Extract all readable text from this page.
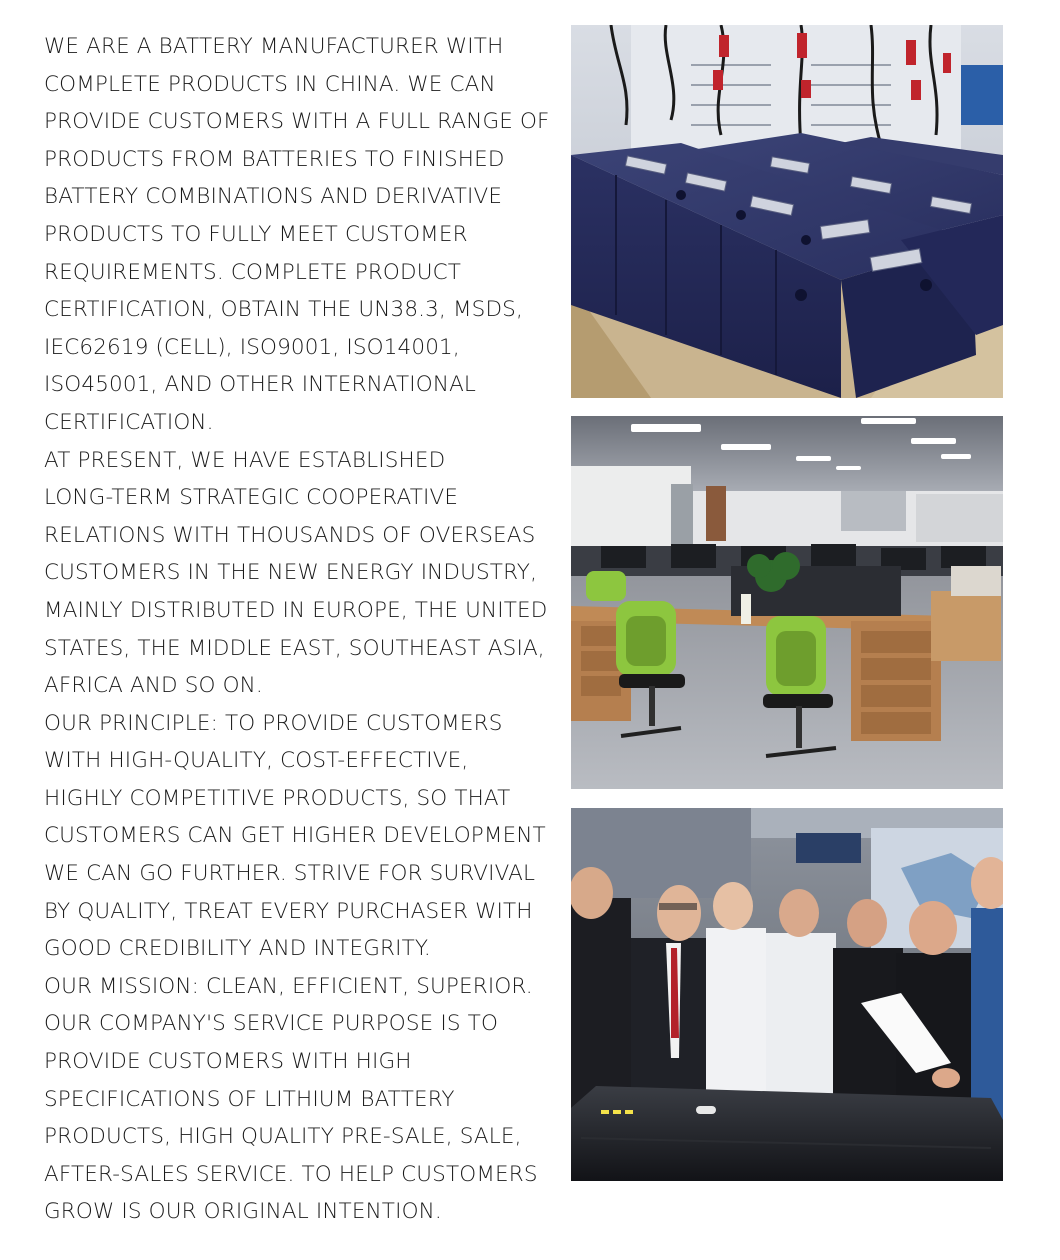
WE ARE A BATTERY MANUFACTURER WITH
COMPLETE PRODUCTS IN CHINA. WE CAN
PROVIDE CUSTOMERS WITH A FULL RANGE OF
PRODUCTS FROM BATTERIES TO FINISHED
BATTERY COMBINATIONS AND DERIVATIVE
PRODUCTS TO FULLY MEET CUSTOMER
REQUIREMENTS. COMPLETE PRODUCT
CERTIFICATION, OBTAIN THE UN38.3, MSDS,
IEC62619 (CELL), ISO9001, ISO14001,
ISO45001, AND OTHER INTERNATIONAL
CERTIFICATION.
AT PRESENT, WE HAVE ESTABLISHED
LONG-TERM STRATEGIC COOPERATIVE
RELATIONS WITH THOUSANDS OF OVERSEAS
CUSTOMERS IN THE NEW ENERGY INDUSTRY,
MAINLY DISTRIBUTED IN EUROPE, THE UNITED
STATES, THE MIDDLE EAST, SOUTHEAST ASIA,
AFRICA AND SO ON.
OUR PRINCIPLE: TO PROVIDE CUSTOMERS
WITH HIGH-QUALITY, COST-EFFECTIVE,
HIGHLY COMPETITIVE PRODUCTS, SO THAT
CUSTOMERS CAN GET HIGHER DEVELOPMENT
WE CAN GO FURTHER. STRIVE FOR SURVIVAL
BY QUALITY, TREAT EVERY PURCHASER WITH
GOOD CREDIBILITY AND INTEGRITY.
OUR MISSION: CLEAN, EFFICIENT, SUPERIOR.
OUR COMPANY'S SERVICE PURPOSE IS TO
PROVIDE CUSTOMERS WITH HIGH
SPECIFICATIONS OF LITHIUM BATTERY
PRODUCTS, HIGH QUALITY PRE-SALE, SALE,
AFTER-SALES SERVICE. TO HELP CUSTOMERS
GROW IS OUR ORIGINAL INTENTION.
